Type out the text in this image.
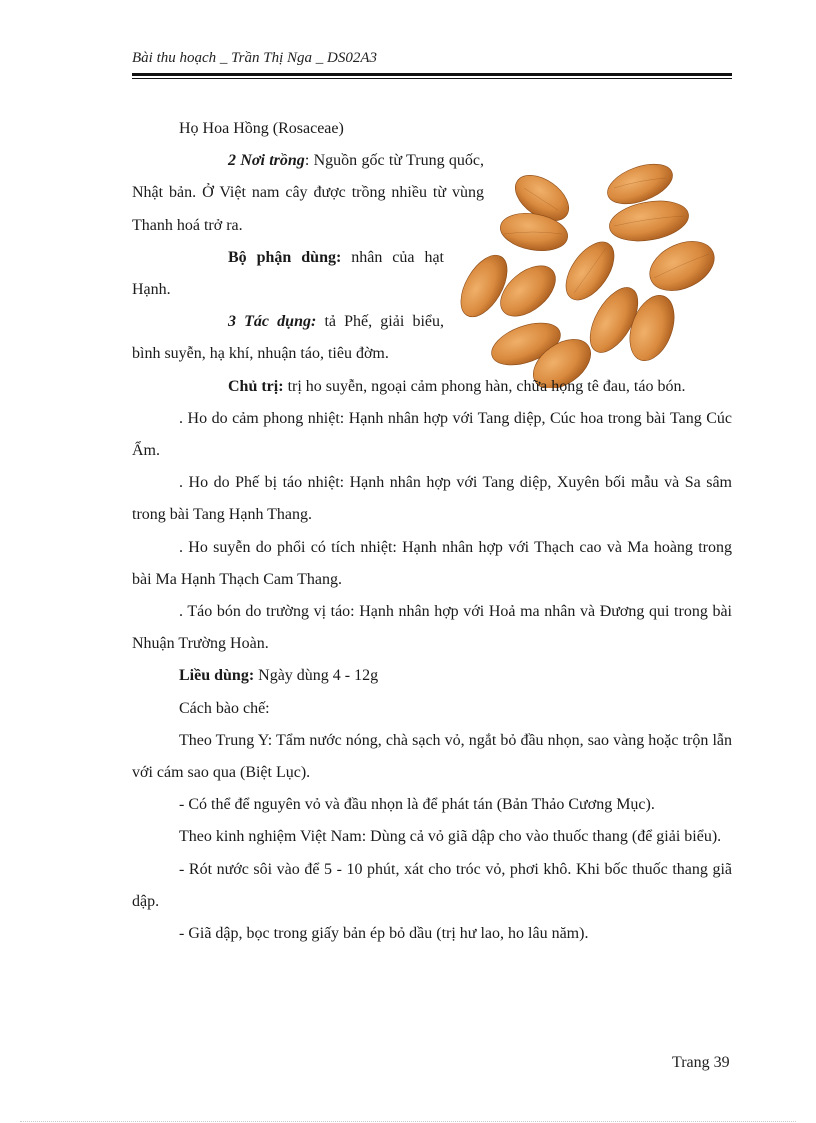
Bài thu hoạch _ Trần Thị Nga _ DS02A3

Họ Hoa Hồng (Rosaceae)

2 Nơi trồng: Nguồn gốc từ Trung quốc, Nhật bản. Ở Việt nam cây được trồng nhiều từ vùng Thanh hoá trở ra.

Bộ phận dùng: nhân của hạt Hạnh.

3 Tác dụng: tả Phế, giải biểu, bình suyễn, hạ khí, nhuận táo, tiêu đờm.

Chủ trị: trị ho suyễn, ngoại cảm phong hàn, chữa họng tê đau, táo bón.

. Ho do cảm phong nhiệt: Hạnh nhân hợp với Tang diệp, Cúc hoa trong bài Tang Cúc Ẩm.

. Ho do Phế bị táo nhiệt: Hạnh nhân hợp với Tang diệp, Xuyên bối mẫu và Sa sâm trong bài Tang Hạnh Thang.

. Ho suyễn do phổi có tích nhiệt: Hạnh nhân hợp với Thạch cao và Ma hoàng trong bài Ma Hạnh Thạch Cam Thang.

. Táo bón do trường vị táo: Hạnh nhân hợp với Hoả ma nhân và Đương qui trong bài Nhuận Trường Hoàn.

Liều dùng: Ngày dùng 4 - 12g

Cách bào chế:

Theo Trung Y: Tẩm nước nóng, chà sạch vỏ, ngắt bỏ đầu nhọn, sao vàng hoặc trộn lẫn với cám sao qua (Biệt Lục).

- Có thể để nguyên vỏ và đầu nhọn là để phát tán (Bản Thảo Cương Mục).

Theo kinh nghiệm Việt Nam: Dùng cả vỏ giã dập cho vào thuốc thang (để giải biểu).

- Rót nước sôi vào để 5 - 10 phút, xát cho tróc vỏ, phơi khô. Khi bốc thuốc thang giã dập.

- Giã dập, bọc trong giấy bản ép bỏ dầu (trị hư lao, ho lâu năm).

Trang 39
